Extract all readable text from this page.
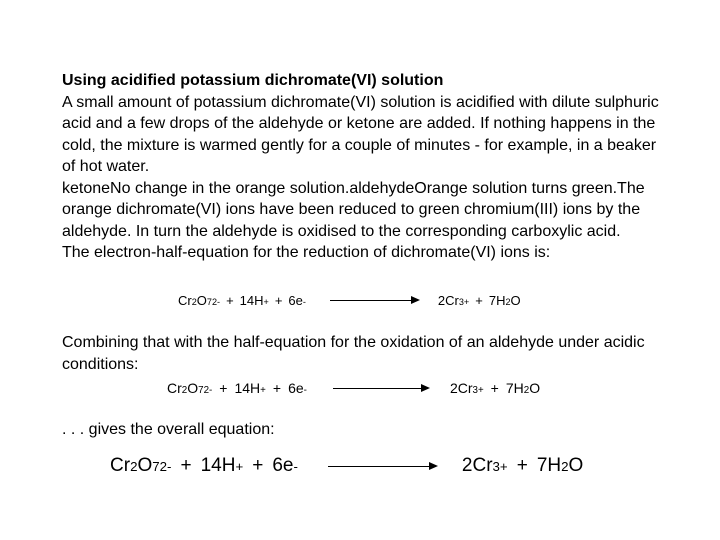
Using acidified potassium dichromate(VI) solution

A small amount of potassium dichromate(VI) solution is acidified with dilute sulphuric acid and a few drops of the aldehyde or ketone are added. If nothing happens in the cold, the mixture is warmed gently for a couple of minutes - for example, in a beaker of hot water.

ketoneNo change in the orange solution.aldehydeOrange solution turns green.The orange dichromate(VI) ions have been reduced to green chromium(III) ions by the aldehyde. In turn the aldehyde is oxidised to the corresponding carboxylic acid.

The electron-half-equation for the reduction of dichromate(VI) ions is:

Cr 2 O 7 2- + 14H + + 6e -	2Cr 3+ + 7H 2 O

Combining that with the half-equation for the oxidation of an aldehyde under acidic conditions:

Cr 2 O 7 2- + 14H + + 6e -	2Cr 3+ + 7H 2 O

. . . gives the overall equation:

Cr 2 O 7 2- + 14H + + 6e -	2Cr 3+ + 7H 2 O
